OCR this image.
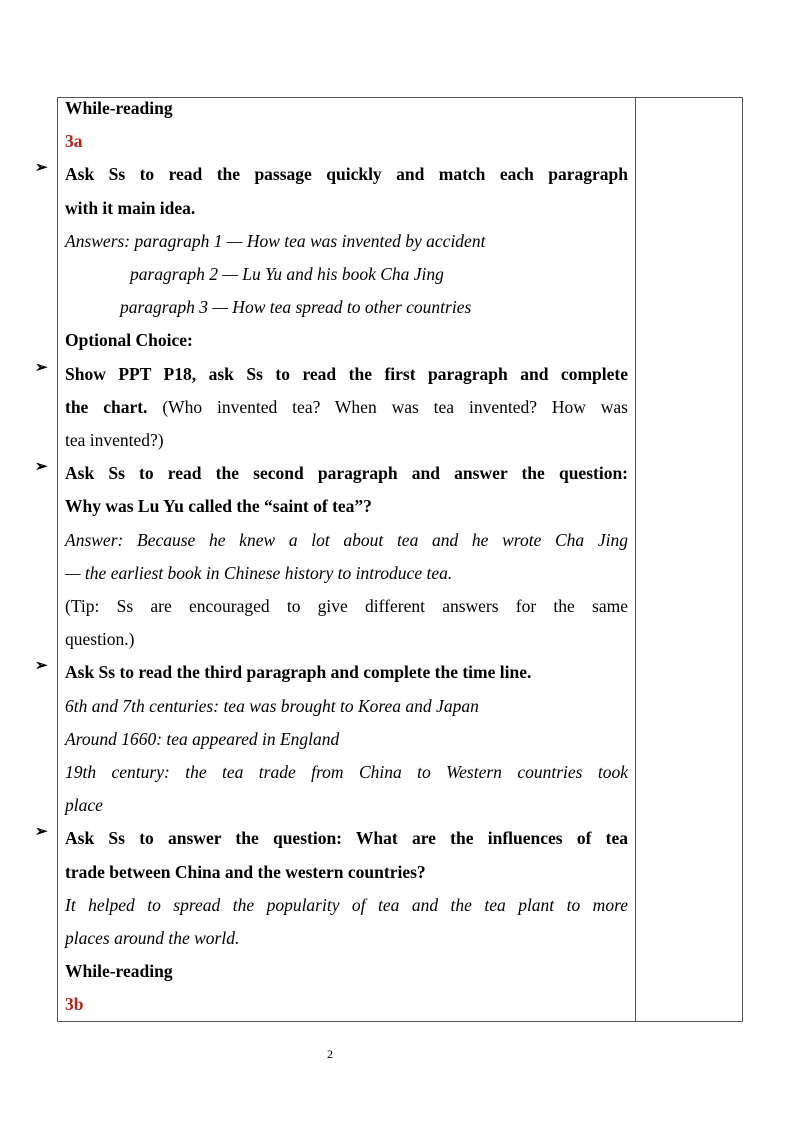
While-reading
3a
➢ Ask Ss to read the passage quickly and match each paragraph
with it main idea.
Answers: paragraph 1 — How tea was invented by accident
paragraph 2 — Lu Yu and his book Cha Jing
paragraph 3 — How tea spread to other countries
Optional Choice:
➢ Show PPT P18, ask Ss to read the first paragraph and complete
the chart. (Who invented tea? When was tea invented? How was
tea invented?)
➢ Ask Ss to read the second paragraph and answer the question:
Why was Lu Yu called the “saint of tea”?
Answer: Because he knew a lot about tea and he wrote Cha Jing
— the earliest book in Chinese history to introduce tea.
(Tip: Ss are encouraged to give different answers for the same
question.)
➢ Ask Ss to read the third paragraph and complete the time line.
6th and 7th centuries: tea was brought to Korea and Japan
Around 1660: tea appeared in England
19th century: the tea trade from China to Western countries took
place
➢ Ask Ss to answer the question: What are the influences of tea
trade between China and the western countries?
It helped to spread the popularity of tea and the tea plant to more
places around the world.
While-reading
3b
2
